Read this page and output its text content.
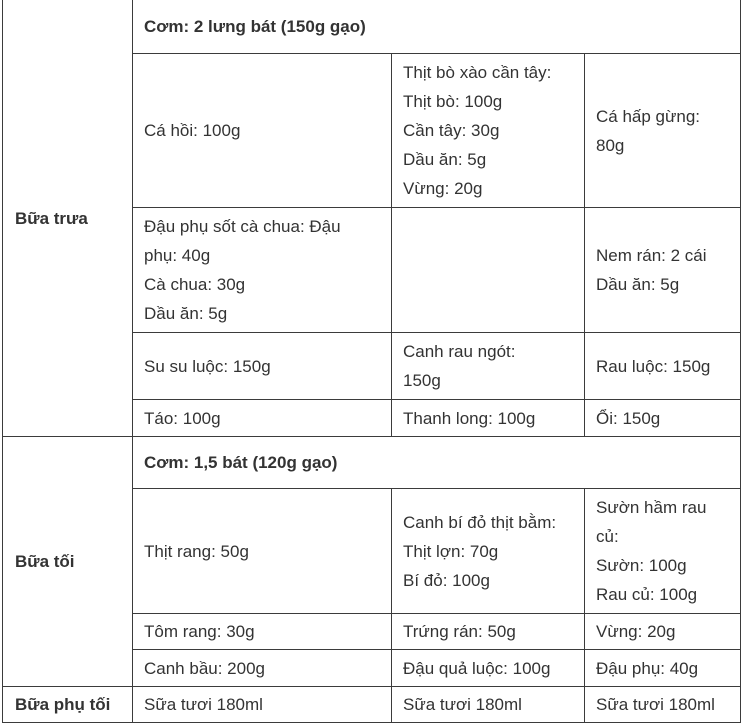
Bữa trưa	Cơm: 2 lưng bát (150g gạo)		

	Cá hồi: 100g	Thịt bò xào cần tây:
Thịt bò: 100g
Cần tây: 30g
Dầu ăn: 5g
Vừng: 20g	Cá hấp gừng:
80g

	Đậu phụ sốt cà chua: Đậu
phụ: 40g
Cà chua: 30g
Dầu ăn: 5g		Nem rán: 2 cái
Dầu ăn: 5g

	Su su luộc: 150g	Canh rau ngót:
150g	Rau luộc: 150g

	Táo: 100g	Thanh long: 100g	Ổi: 150g

Bữa tối	Cơm: 1,5 bát (120g gạo)		

	Thịt rang: 50g	Canh bí đỏ thịt bằm:
Thịt lợn: 70g
Bí đỏ: 100g	Sườn hầm rau
củ:
Sườn: 100g
Rau củ: 100g

	Tôm rang: 30g	Trứng rán: 50g	Vừng: 20g

	Canh bầu: 200g	Đậu quả luộc: 100g	Đậu phụ: 40g

Bữa phụ tối	Sữa tươi 180ml	Sữa tươi 180ml	Sữa tươi 180ml
